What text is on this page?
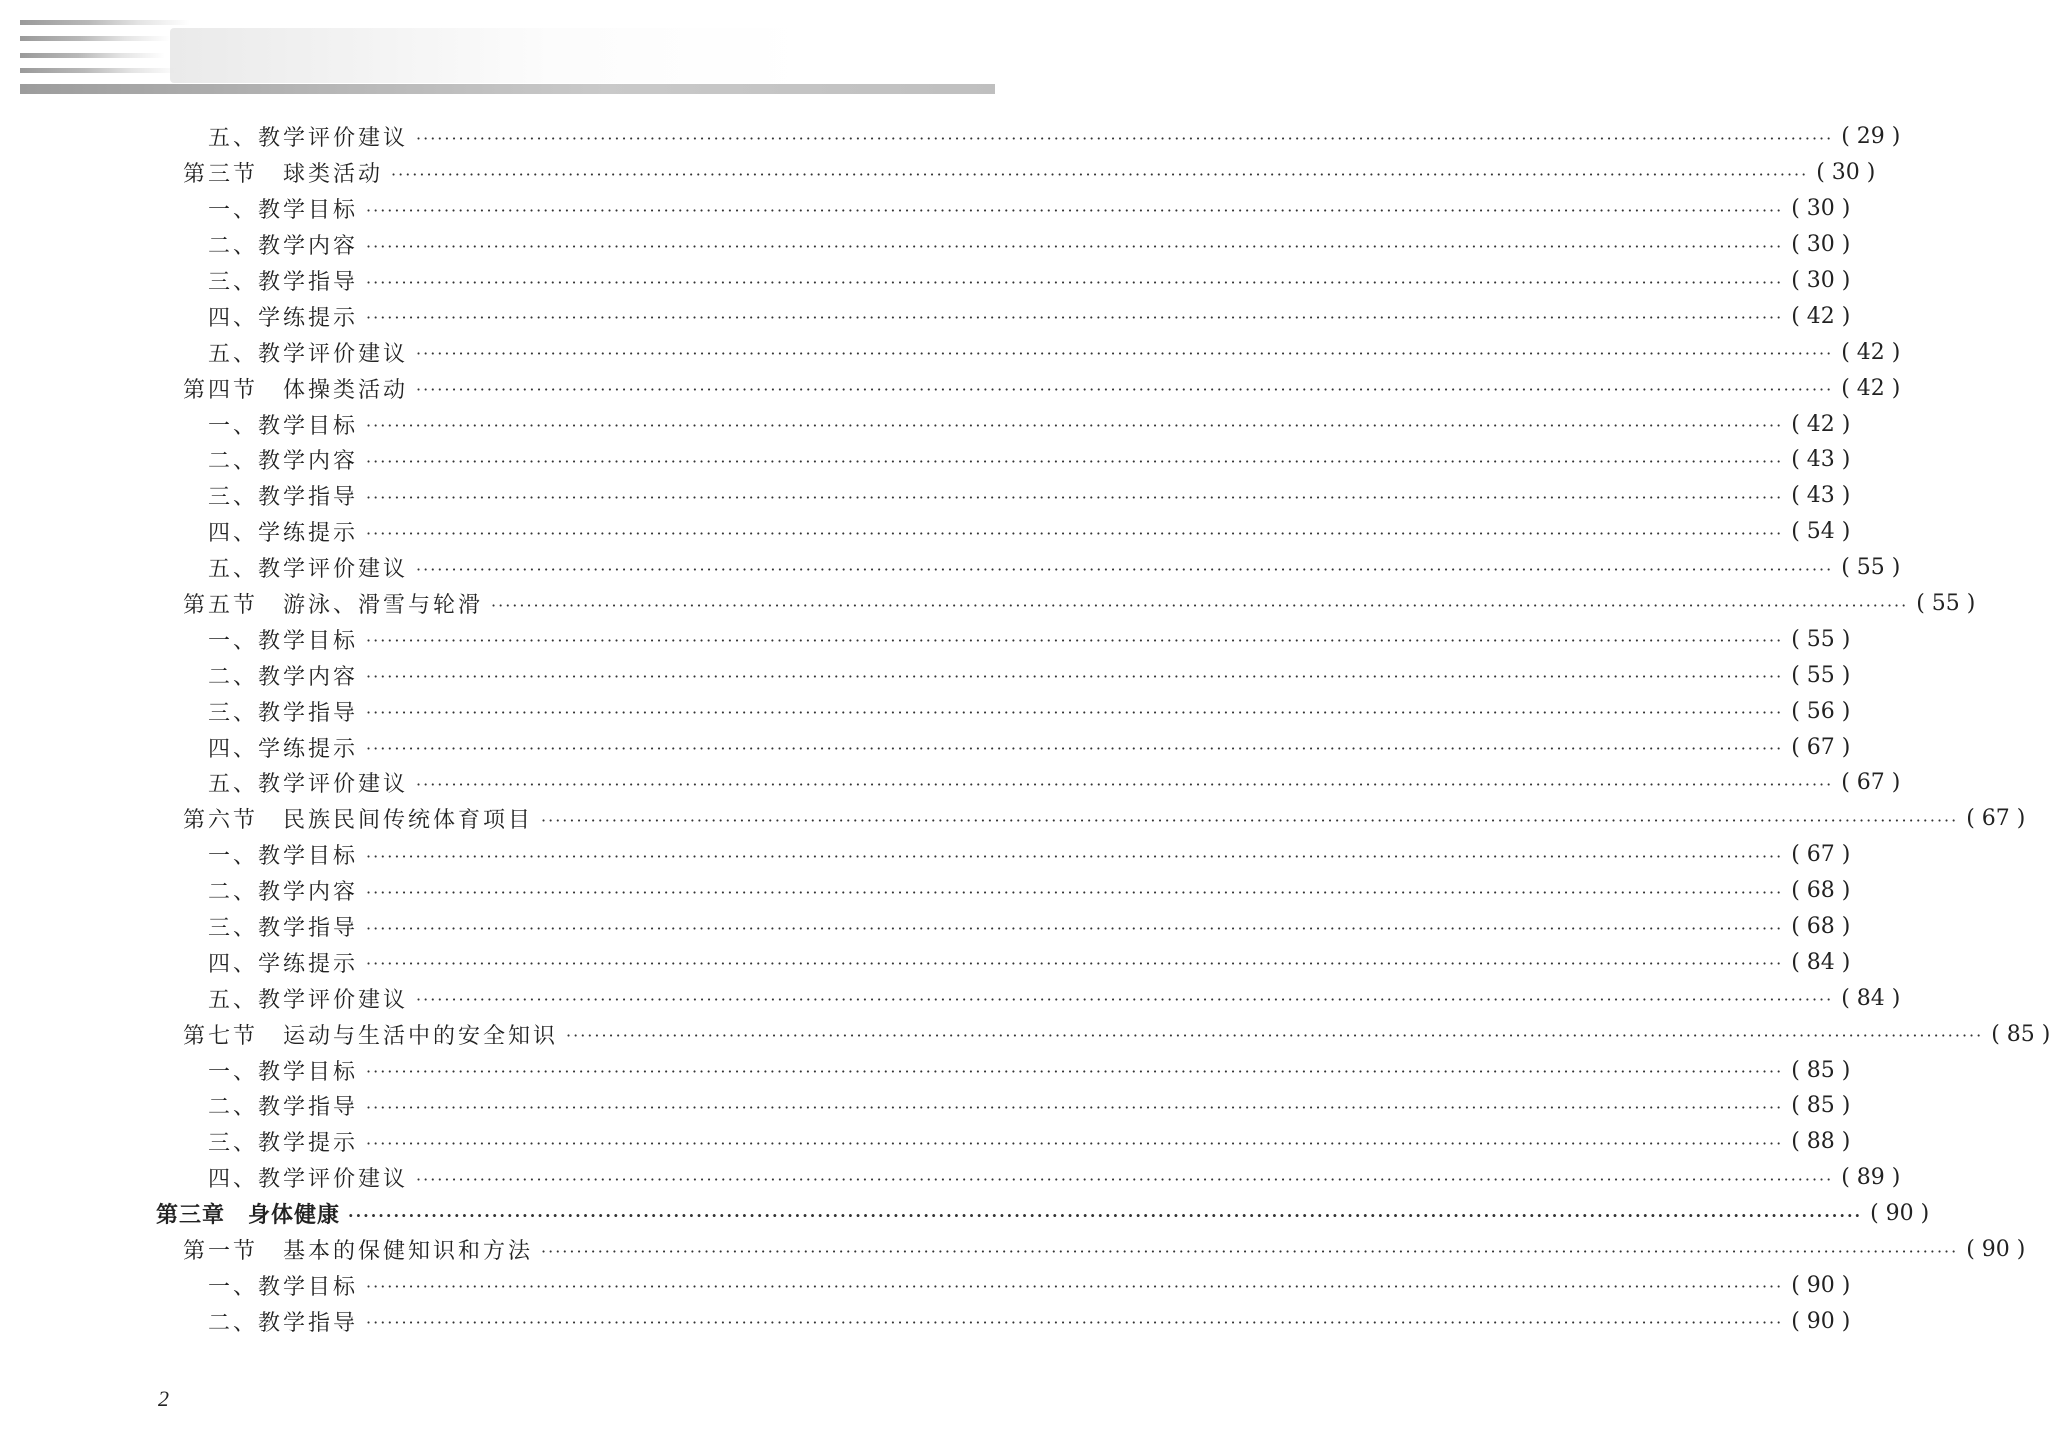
五、教学评价建议 ········································································································································································································ ( 29 )
第三节　球类活动 ········································································································································································································ ( 30 )
一、教学目标 ········································································································································································································ ( 30 )
二、教学内容 ········································································································································································································ ( 30 )
三、教学指导 ········································································································································································································ ( 30 )
四、学练提示 ········································································································································································································ ( 42 )
五、教学评价建议 ········································································································································································································ ( 42 )
第四节　体操类活动 ········································································································································································································ ( 42 )
一、教学目标 ········································································································································································································ ( 42 )
二、教学内容 ········································································································································································································ ( 43 )
三、教学指导 ········································································································································································································ ( 43 )
四、学练提示 ········································································································································································································ ( 54 )
五、教学评价建议 ········································································································································································································ ( 55 )
第五节　游泳、滑雪与轮滑 ········································································································································································································ ( 55 )
一、教学目标 ········································································································································································································ ( 55 )
二、教学内容 ········································································································································································································ ( 55 )
三、教学指导 ········································································································································································································ ( 56 )
四、学练提示 ········································································································································································································ ( 67 )
五、教学评价建议 ········································································································································································································ ( 67 )
第六节　民族民间传统体育项目 ········································································································································································································ ( 67 )
一、教学目标 ········································································································································································································ ( 67 )
二、教学内容 ········································································································································································································ ( 68 )
三、教学指导 ········································································································································································································ ( 68 )
四、学练提示 ········································································································································································································ ( 84 )
五、教学评价建议 ········································································································································································································ ( 84 )
第七节　运动与生活中的安全知识 ········································································································································································································ ( 85 )
一、教学目标 ········································································································································································································ ( 85 )
二、教学指导 ········································································································································································································ ( 85 )
三、教学提示 ········································································································································································································ ( 88 )
四、教学评价建议 ········································································································································································································ ( 89 )
第三章　身体健康 ········································································································································································································ ( 90 )
第一节　基本的保健知识和方法 ········································································································································································································ ( 90 )
一、教学目标 ········································································································································································································ ( 90 )
二、教学指导 ········································································································································································································ ( 90 )
2
